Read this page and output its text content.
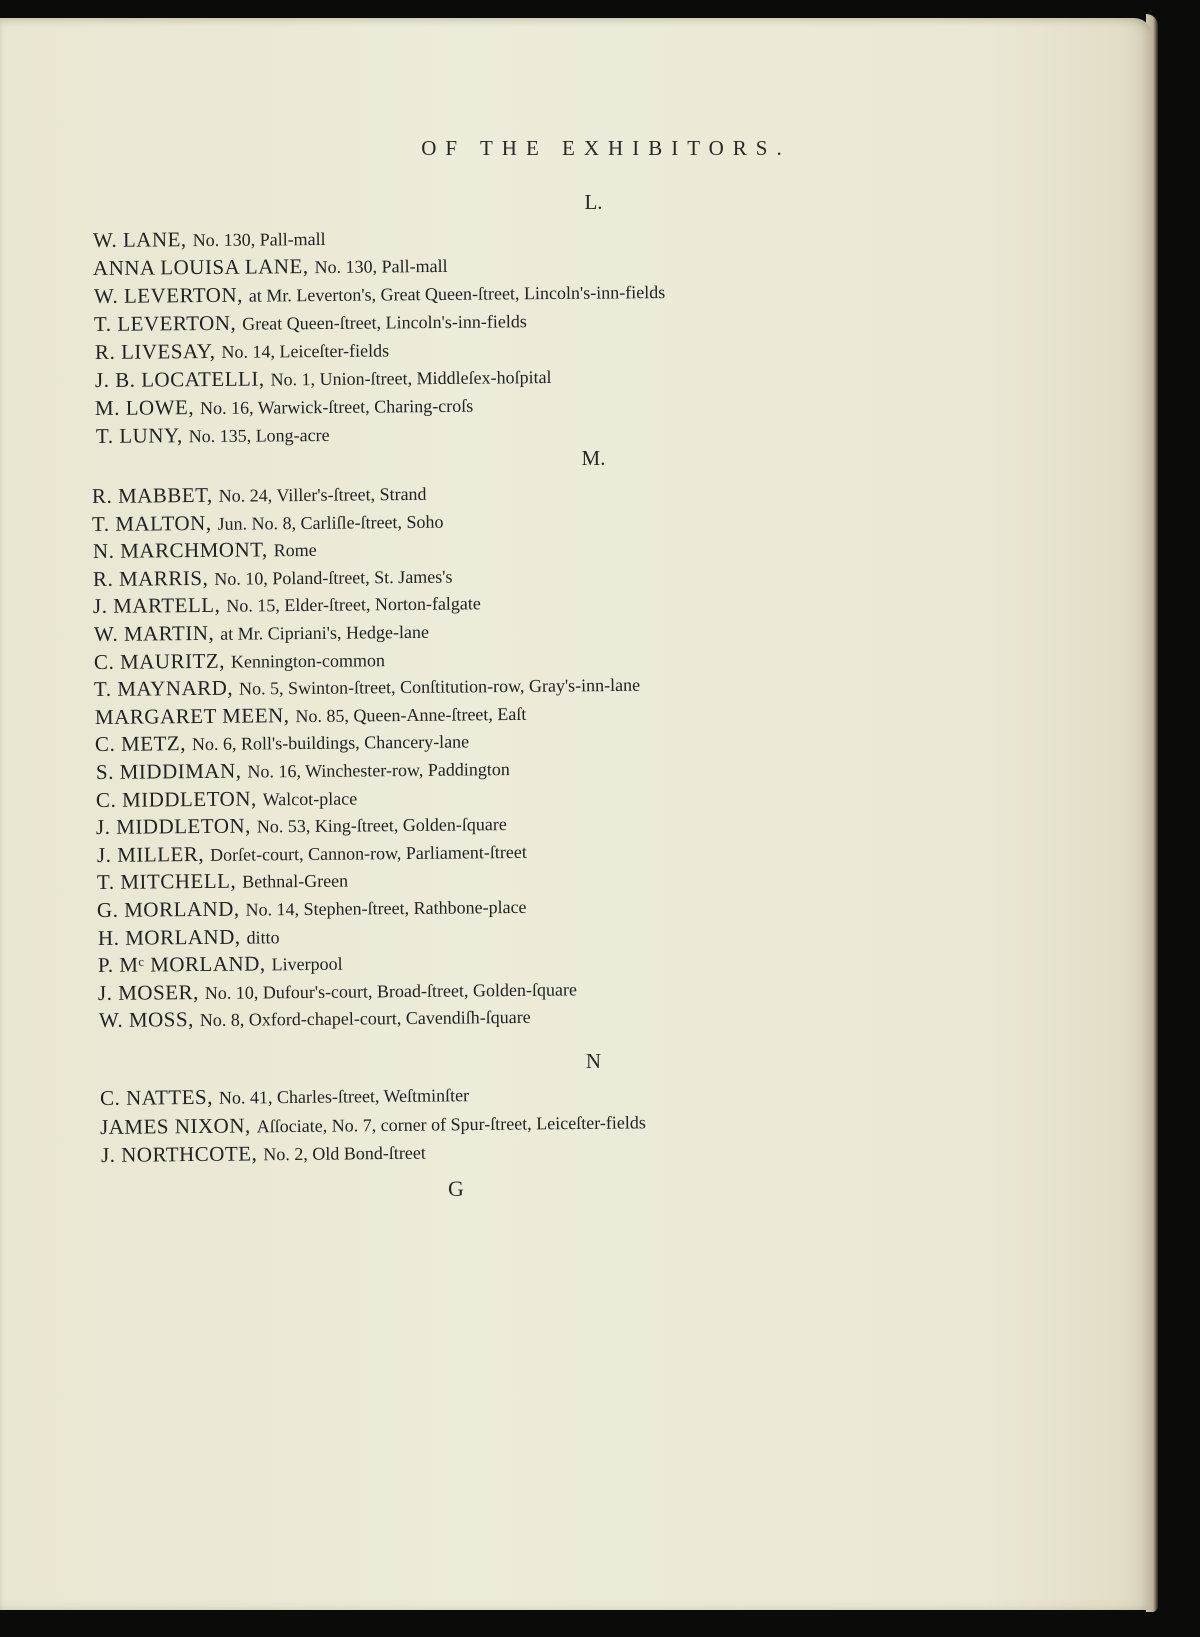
OF THE EXHIBITORS.
L.
M.
N
W. LANE, No. 130, Pall-mall
ANNA LOUISA LANE, No. 130, Pall-mall
W. LEVERTON, at Mr. Leverton's, Great Queen-ſtreet, Lincoln's-inn-fields
T. LEVERTON, Great Queen-ſtreet, Lincoln's-inn-fields
R. LIVESAY, No. 14, Leiceſter-fields
J. B. LOCATELLI, No. 1, Union-ſtreet, Middleſex-hoſpital
M. LOWE, No. 16, Warwick-ſtreet, Charing-croſs
T. LUNY, No. 135, Long-acre
R. MABBET, No. 24, Viller's-ſtreet, Strand
T. MALTON, Jun. No. 8, Carliſle-ſtreet, Soho
N. MARCHMONT, Rome
R. MARRIS, No. 10, Poland-ſtreet, St. James's
J. MARTELL, No. 15, Elder-ſtreet, Norton-falgate
W. MARTIN, at Mr. Cipriani's, Hedge-lane
C. MAURITZ, Kennington-common
T. MAYNARD, No. 5, Swinton-ſtreet, Conſtitution-row, Gray's-inn-lane
MARGARET MEEN, No. 85, Queen-Anne-ſtreet, Eaſt
C. METZ, No. 6, Roll's-buildings, Chancery-lane
S. MIDDIMAN, No. 16, Winchester-row, Paddington
C. MIDDLETON, Walcot-place
J. MIDDLETON, No. 53, King-ſtreet, Golden-ſquare
J. MILLER, Dorſet-court, Cannon-row, Parliament-ſtreet
T. MITCHELL, Bethnal-Green
G. MORLAND, No. 14, Stephen-ſtreet, Rathbone-place
H. MORLAND, ditto
P. Mᶜ MORLAND, Liverpool
J. MOSER, No. 10, Dufour's-court, Broad-ſtreet, Golden-ſquare
W. MOSS, No. 8, Oxford-chapel-court, Cavendiſh-ſquare
C. NATTES, No. 41, Charles-ſtreet, Weſtminſter
JAMES NIXON, Aſſociate, No. 7, corner of Spur-ſtreet, Leiceſter-fields
J. NORTHCOTE, No. 2, Old Bond-ſtreet
G
